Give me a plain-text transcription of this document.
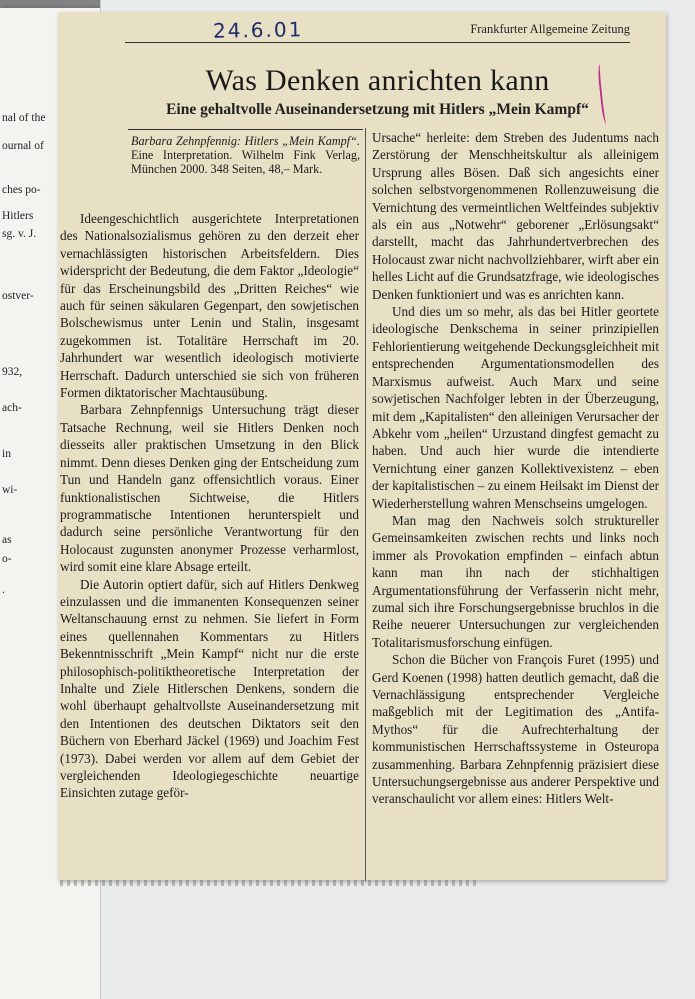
nal of the
ournal of
ches po-
Hitlers
sg. v. J.
ostver-
932,
ach-
in
wi-
as
o-
.
24.6.01	Frankfurter Allgemeine Zeitung
Was Denken anrichten kann
Eine gehaltvolle Auseinandersetzung mit Hitlers „Mein Kampf“

Barbara Zehnpfennig: Hitlers „Mein Kampf“. Eine Interpretation. Wilhelm Fink Verlag, München 2000. 348 Seiten, 48,– Mark.

Ideengeschichtlich ausgerichtete Interpretationen des Nationalsozialismus gehören zu den derzeit eher vernachlässigten historischen Arbeitsfeldern. Dies widerspricht der Bedeutung, die dem Faktor „Ideologie“ für das Erscheinungsbild des „Dritten Reiches“ wie auch für seinen säkularen Gegenpart, den sowjetischen Bolschewismus unter Lenin und Stalin, insgesamt zugekommen ist. Totalitäre Herrschaft im 20. Jahrhundert war wesentlich ideologisch motivierte Herrschaft. Dadurch unterschied sie sich von früheren Formen diktatorischer Machtausübung.

Barbara Zehnpfennigs Untersuchung trägt dieser Tatsache Rechnung, weil sie Hitlers Denken noch diesseits aller praktischen Umsetzung in den Blick nimmt. Denn dieses Denken ging der Entscheidung zum Tun und Handeln ganz offensichtlich voraus. Einer funktionalistischen Sichtweise, die Hitlers programmatische Intentionen herunterspielt und dadurch seine persönliche Verantwortung für den Holocaust zugunsten anonymer Prozesse verharmlost, wird somit eine klare Absage erteilt.

Die Autorin optiert dafür, sich auf Hitlers Denkweg einzulassen und die immanenten Konsequenzen seiner Weltanschauung ernst zu nehmen. Sie liefert in Form eines quellennahen Kommentars zu Hitlers Bekenntnisschrift „Mein Kampf“ nicht nur die erste philosophisch-politiktheoretische Interpretation der Inhalte und Ziele Hitlerschen Denkens, sondern die wohl überhaupt gehaltvollste Auseinandersetzung mit den Intentionen des deutschen Diktators seit den Büchern von Eberhard Jäckel (1969) und Joachim Fest (1973). Dabei werden vor allem auf dem Gebiet der vergleichenden Ideologiegeschichte neuartige Einsichten zutage geför-

Ursache“ herleite: dem Streben des Judentums nach Zerstörung der Menschheitskultur als alleinigem Ursprung alles Bösen. Daß sich angesichts einer solchen selbstvorgenommenen Rollenzuweisung die Vernichtung des vermeintlichen Weltfeindes subjektiv als ein aus „Notwehr“ geborener „Erlösungsakt“ darstellt, macht das Jahrhundertverbrechen des Holocaust zwar nicht nachvollziehbarer, wirft aber ein helles Licht auf die Grundsatzfrage, wie ideologisches Denken funktioniert und was es anrichten kann.

Und dies um so mehr, als das bei Hitler geortete ideologische Denkschema in seiner prinzipiellen Fehlorientierung weitgehende Deckungsgleichheit mit entsprechenden Argumentationsmodellen des Marxismus aufweist. Auch Marx und seine sowjetischen Nachfolger lebten in der Überzeugung, mit dem „Kapitalisten“ den alleinigen Verursacher der Abkehr vom „heilen“ Urzustand dingfest gemacht zu haben. Und auch hier wurde die intendierte Vernichtung einer ganzen Kollektivexistenz – eben der kapitalistischen – zu einem Heilsakt im Dienst der Wiederherstellung wahren Menschseins umgelogen.

Man mag den Nachweis solch struktureller Gemeinsamkeiten zwischen rechts und links noch immer als Provokation empfinden – einfach abtun kann man ihn nach der stichhaltigen Argumentationsführung der Verfasserin nicht mehr, zumal sich ihre Forschungsergebnisse bruchlos in die Reihe neuerer Untersuchungen zur vergleichenden Totalitarismusforschung einfügen.

Schon die Bücher von François Furet (1995) und Gerd Koenen (1998) hatten deutlich gemacht, daß die Vernachlässigung entsprechender Vergleiche maßgeblich mit der Legitimation des „Antifa-Mythos“ für die Aufrechterhaltung der kommunistischen Herrschaftssysteme in Osteuropa zusammenhing. Barbara Zehnpfennig präzisiert diese Untersuchungsergebnisse aus anderer Perspektive und veranschaulicht vor allem eines: Hitlers Welt-
